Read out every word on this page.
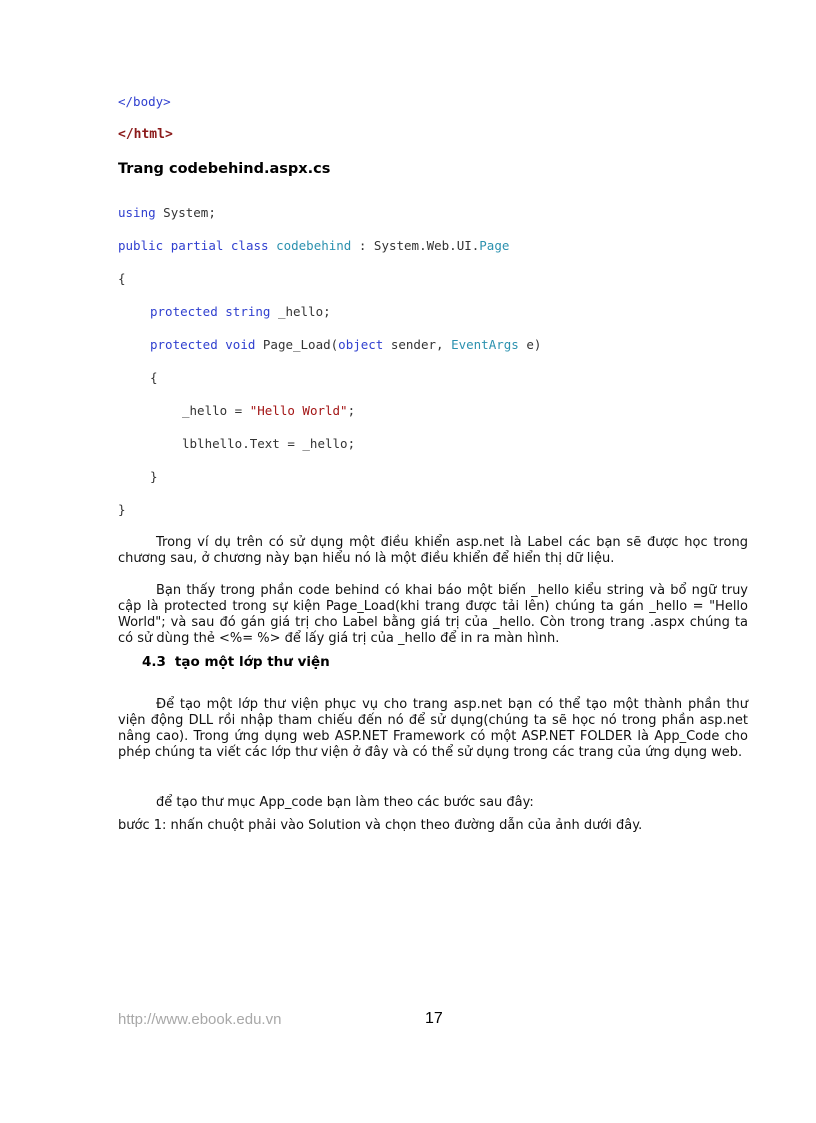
</body>
</html>
Trang codebehind.aspx.cs
using System;
public partial class codebehind : System.Web.UI.Page
{
protected string _hello;
protected void Page_Load(object sender, EventArgs e)
{
_hello = "Hello World";
lblhello.Text = _hello;
}
}

Trong ví dụ trên có sử dụng một điều khiển asp.net là Label các bạn sẽ được học trong chương sau, ở chương này bạn hiểu nó là một điều khiển để hiển thị dữ liệu.

Bạn thấy trong phần code behind có khai báo một biến _hello kiểu string và bổ ngữ truy cập là protected trong sự kiện Page_Load(khi trang được tải lên) chúng ta gán _hello = "Hello World"; và sau đó gán giá trị cho Label bằng giá trị của _hello. Còn trong trang .aspx chúng ta có sử dùng thẻ <%= %> để lấy giá trị của _hello để in ra màn hình.

4.3 tạo một lớp thư viện

Để tạo một lớp thư viện phục vụ cho trang asp.net bạn có thể tạo một thành phần thư viện động DLL rồi nhập tham chiếu đến nó để sử dụng(chúng ta sẽ học nó trong phần asp.net nâng cao). Trong ứng dụng web ASP.NET Framework có một ASP.NET FOLDER là App_Code cho phép chúng ta viết các lớp thư viện ở đây và có thể sử dụng trong các trang của ứng dụng web.

để tạo thư mục App_code bạn làm theo các bước sau đây:

bước 1: nhấn chuột phải vào Solution và chọn theo đường dẫn của ảnh dưới đây.

http://www.ebook.edu.vn	17
